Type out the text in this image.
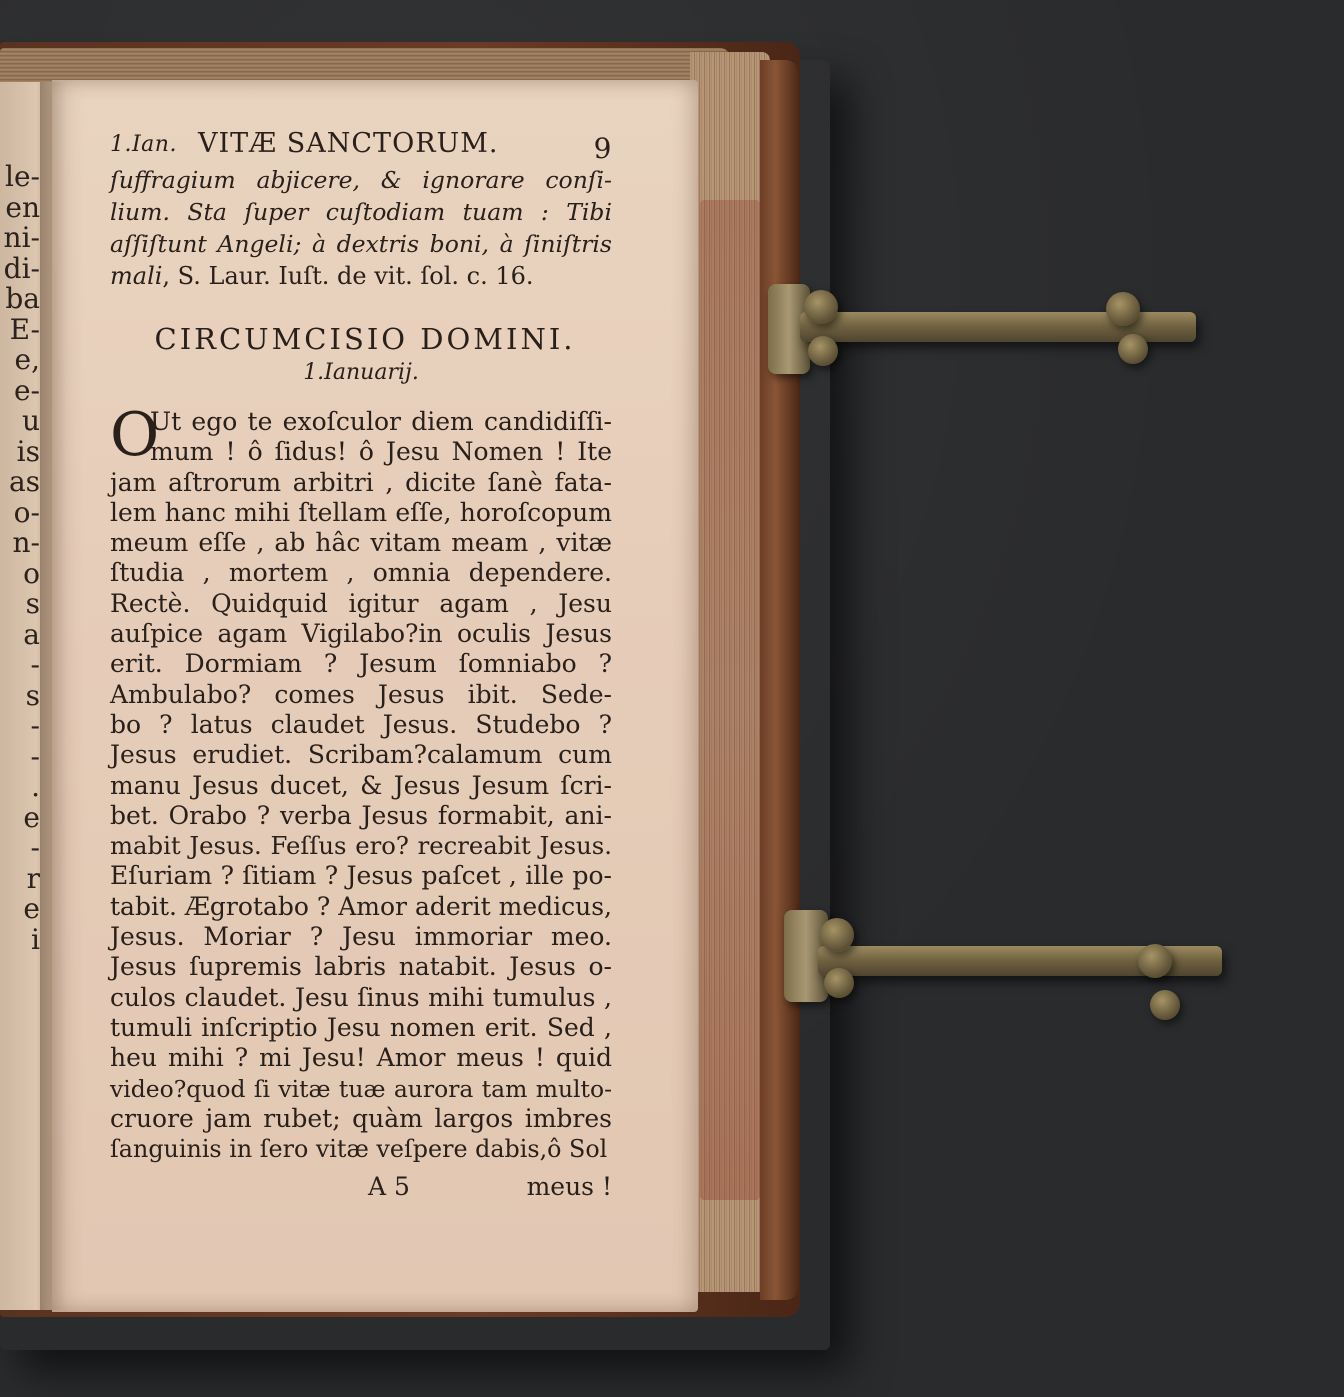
le-
en
ni-
di-
ba
E-
e,
e-
u
is
as
o-
n-
o
s
a
-
s
-
-
.
e
-
r
e
i
1.Ian. VITÆ SANCTORUM.	9
ſuffragium abjicere, & ignorare conſi-
lium. Sta ſuper cuſtodiam tuam : Tibi
aſſiſtunt Angeli; à dextris boni, à ſiniſtris
mali, S. Laur. Iuſt. de vit. ſol. c. 16.
CIRCUMCISIO DOMINI.
1.Ianuarij.
O
Ut ego te exoſculor diem candidiſſi-
mum ! ô ſidus! ô Jesu Nomen ! Ite
jam aſtrorum arbitri , dicite ſanè fata-
lem hanc mihi ſtellam eſſe, horoſcopum
meum eſſe , ab hâc vitam meam , vitæ
ſtudia , mortem , omnia dependere.
Rectè. Quidquid igitur agam , Jesu
auſpice agam Vigilabo?in oculis Jesus
erit. Dormiam ? Jesum ſomniabo ?
Ambulabo? comes Jesus ibit. Sede-
bo ? latus claudet Jesus. Studebo ?
Jesus erudiet. Scribam?calamum cum
manu Jesus ducet, & Jesus Jesum ſcri-
bet. Orabo ? verba Jesus formabit, ani-
mabit Jesus. Feſſus ero? recreabit Jesus.
Eſuriam ? ſitiam ? Jesus paſcet , ille po-
tabit. Ægrotabo ? Amor aderit medicus,
Jesus. Moriar ? Jesu immoriar meo.
Jesus ſupremis labris natabit. Jesus o-
culos claudet. Jesu ſinus mihi tumulus ,
tumuli inſcriptio Jesu nomen erit. Sed ,
heu mihi ? mi Jesu! Amor meus ! quid
video?quod ſi vitæ tuæ aurora tam multo-
cruore jam rubet; quàm largos imbres
ſanguinis in ſero vitæ veſpere dabis,ô Sol
A 5	meus !
